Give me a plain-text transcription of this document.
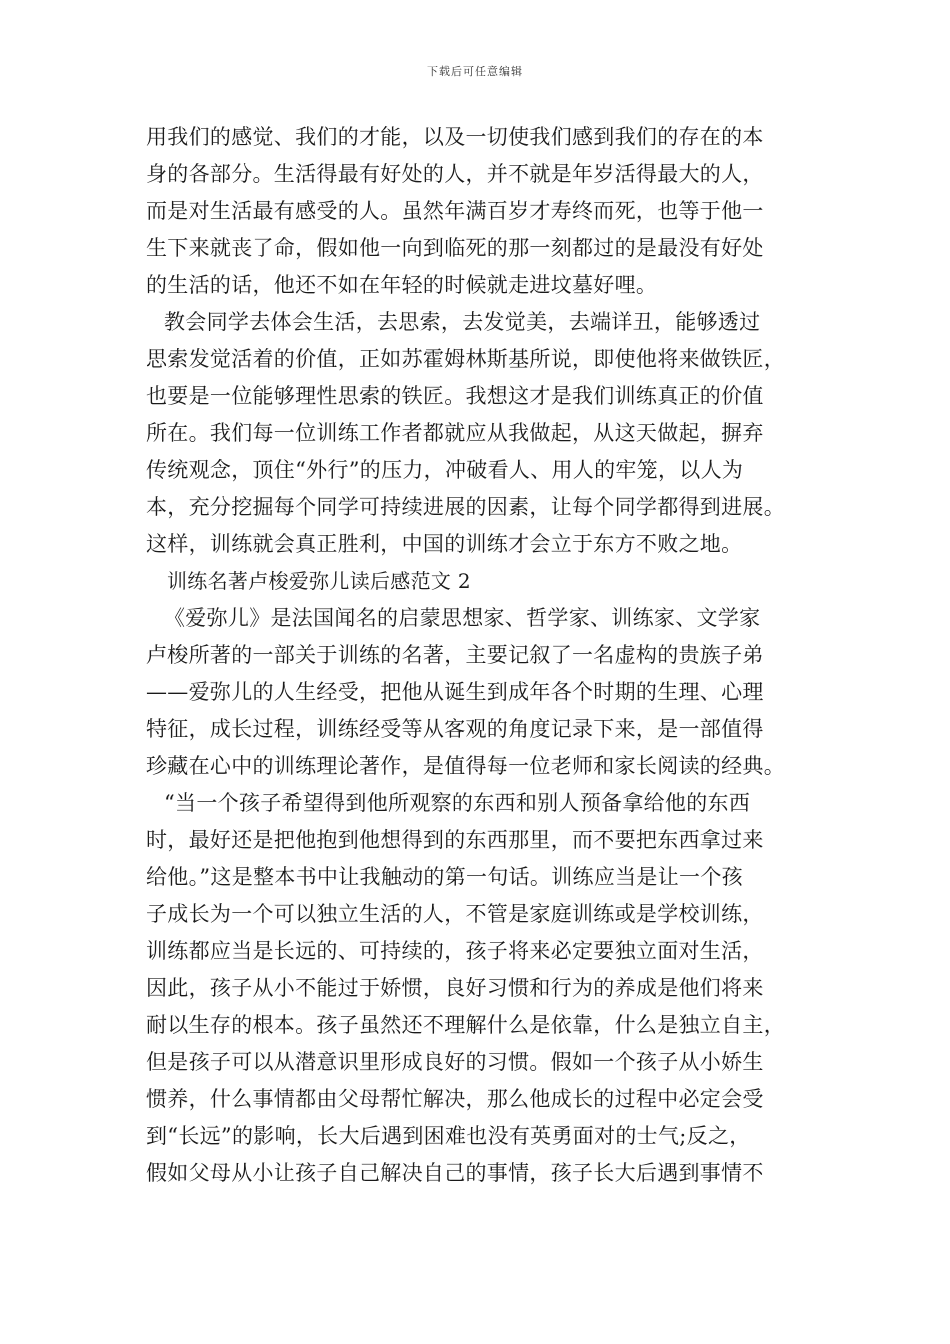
下载后可任意编辑
用我们的感觉、我们的才能，以及一切使我们感到我们的存在的本
身的各部分。生活得最有好处的人，并不就是年岁活得最大的人，
而是对生活最有感受的人。虽然年满百岁才寿终而死，也等于他一
生下来就丧了命，假如他一向到临死的那一刻都过的是最没有好处
的生活的话，他还不如在年轻的时候就走进坟墓好哩。
教会同学去体会生活，去思索，去发觉美，去端详丑，能够透过
思索发觉活着的价值，正如苏霍姆林斯基所说，即使他将来做铁匠，
也要是一位能够理性思索的铁匠。我想这才是我们训练真正的价值
所在。我们每一位训练工作者都就应从我做起，从这天做起，摒弃
传统观念，顶住“外行”的压力，冲破看人、用人的牢笼，以人为
本，充分挖掘每个同学可持续进展的因素，让每个同学都得到进展。
这样，训练就会真正胜利，中国的训练才会立于东方不败之地。
训练名著卢梭爱弥儿读后感范文 2
《爱弥儿》是法国闻名的启蒙思想家、哲学家、训练家、文学家
卢梭所著的一部关于训练的名著，主要记叙了一名虚构的贵族子弟
——爱弥儿的人生经受，把他从诞生到成年各个时期的生理、心理
特征，成长过程，训练经受等从客观的角度记录下来，是一部值得
珍藏在心中的训练理论著作，是值得每一位老师和家长阅读的经典。
“当一个孩子希望得到他所观察的东西和别人预备拿给他的东西
时，最好还是把他抱到他想得到的东西那里，而不要把东西拿过来
给他。”这是整本书中让我触动的第一句话。训练应当是让一个孩
子成长为一个可以独立生活的人，不管是家庭训练或是学校训练，
训练都应当是长远的、可持续的，孩子将来必定要独立面对生活，
因此，孩子从小不能过于娇惯，良好习惯和行为的养成是他们将来
耐以生存的根本。孩子虽然还不理解什么是依靠，什么是独立自主，
但是孩子可以从潜意识里形成良好的习惯。假如一个孩子从小娇生
惯养，什么事情都由父母帮忙解决，那么他成长的过程中必定会受
到“长远”的影响，长大后遇到困难也没有英勇面对的士气;反之，
假如父母从小让孩子自己解决自己的事情，孩子长大后遇到事情不
